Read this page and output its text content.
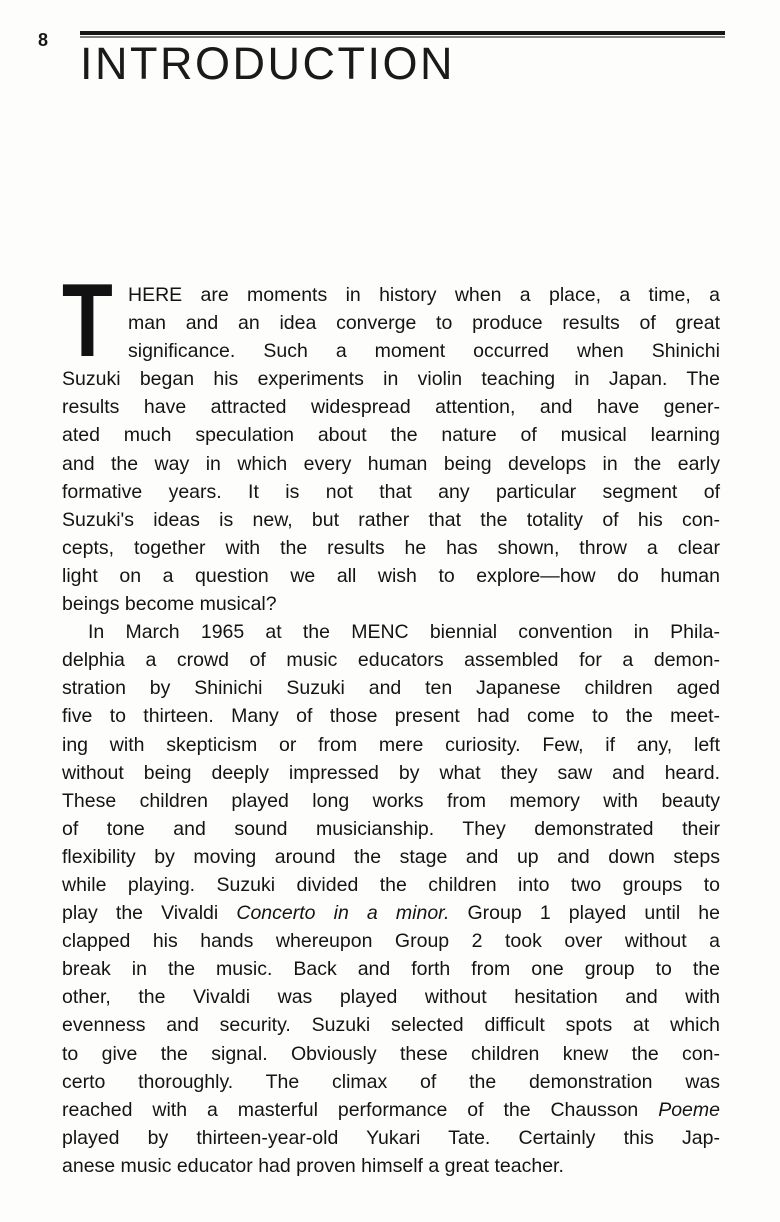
8 INTRODUCTION
T HERE are moments in history when a place, a time, a
man and an idea converge to produce results of great
significance. Such a moment occurred when Shinichi
Suzuki began his experiments in violin teaching in Japan. The
results have attracted widespread attention, and have gener-
ated much speculation about the nature of musical learning
and the way in which every human being develops in the early
formative years. It is not that any particular segment of
Suzuki's ideas is new, but rather that the totality of his con-
cepts, together with the results he has shown, throw a clear
light on a question we all wish to explore—how do human
beings become musical?
In March 1965 at the MENC biennial convention in Phila-
delphia a crowd of music educators assembled for a demon-
stration by Shinichi Suzuki and ten Japanese children aged
five to thirteen. Many of those present had come to the meet-
ing with skepticism or from mere curiosity. Few, if any, left
without being deeply impressed by what they saw and heard.
These children played long works from memory with beauty
of tone and sound musicianship. They demonstrated their
flexibility by moving around the stage and up and down steps
while playing. Suzuki divided the children into two groups to
play the Vivaldi Concerto in a minor. Group 1 played until he
clapped his hands whereupon Group 2 took over without a
break in the music. Back and forth from one group to the
other, the Vivaldi was played without hesitation and with
evenness and security. Suzuki selected difficult spots at which
to give the signal. Obviously these children knew the con-
certo thoroughly. The climax of the demonstration was
reached with a masterful performance of the Chausson Poeme
played by thirteen-year-old Yukari Tate. Certainly this Jap-
anese music educator had proven himself a great teacher.
